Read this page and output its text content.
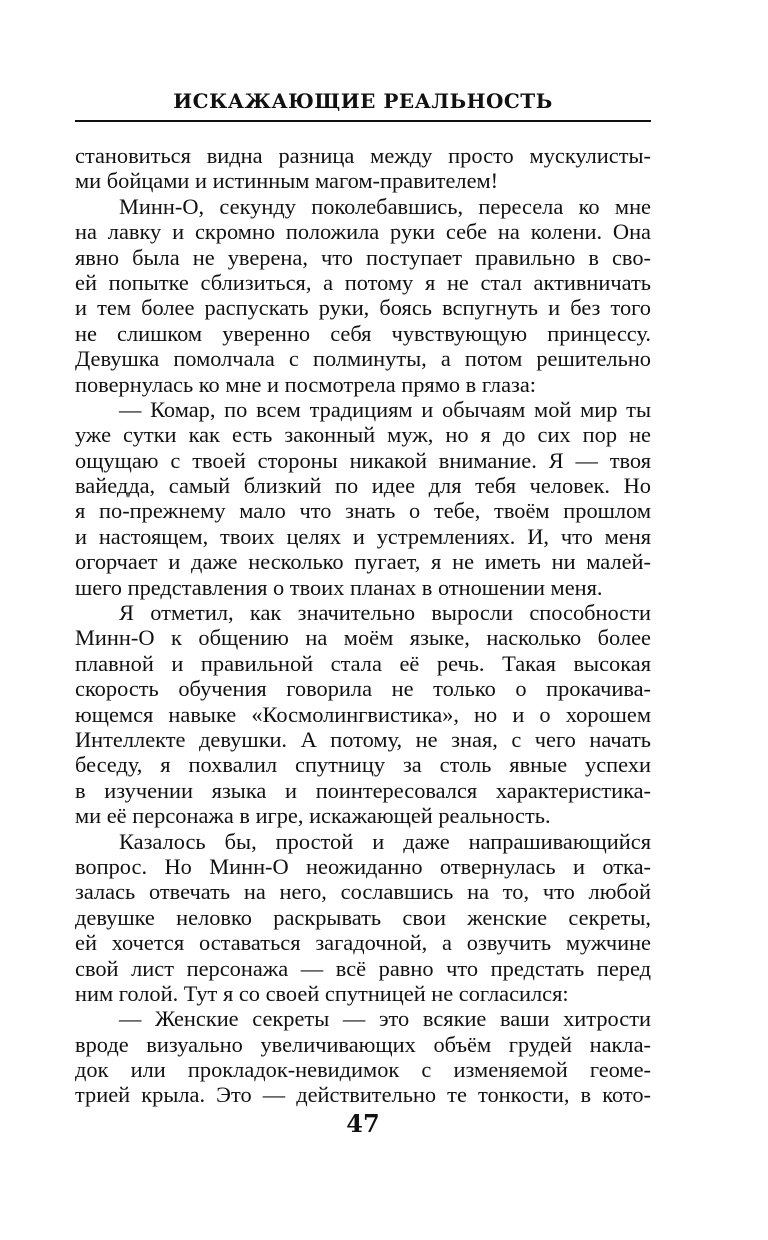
ИСКАЖАЮЩИЕ РЕАЛЬНОСТЬ

становиться видна разница между просто мускулисты-
ми бойцами и истинным магом-правителем!

Минн-О, секунду поколебавшись, пересела ко мне
на лавку и скромно положила руки себе на колени. Она
явно была не уверена, что поступает правильно в сво-
ей попытке сблизиться, а потому я не стал активничать
и тем более распускать руки, боясь вспугнуть и без того
не слишком уверенно себя чувствующую принцессу.
Девушка помолчала с полминуты, а потом решительно
повернулась ко мне и посмотрела прямо в глаза:

— Комар, по всем традициям и обычаям мой мир ты
уже сутки как есть законный муж, но я до сих пор не
ощущаю с твоей стороны никакой внимание. Я — твоя
вайедда, самый близкий по идее для тебя человек. Но
я по-прежнему мало что знать о тебе, твоём прошлом
и настоящем, твоих целях и устремлениях. И, что меня
огорчает и даже несколько пугает, я не иметь ни малей-
шего представления о твоих планах в отношении меня.

Я отметил, как значительно выросли способности
Минн-О к общению на моём языке, насколько более
плавной и правильной стала её речь. Такая высокая
скорость обучения говорила не только о прокачива-
ющемся навыке «Космолингвистика», но и о хорошем
Интеллекте девушки. А потому, не зная, с чего начать
беседу, я похвалил спутницу за столь явные успехи
в изучении языка и поинтересовался характеристика-
ми её персонажа в игре, искажающей реальность.

Казалось бы, простой и даже напрашивающийся
вопрос. Но Минн-О неожиданно отвернулась и отка-
залась отвечать на него, сославшись на то, что любой
девушке неловко раскрывать свои женские секреты,
ей хочется оставаться загадочной, а озвучить мужчине
свой лист персонажа — всё равно что предстать перед
ним голой. Тут я со своей спутницей не согласился:

— Женские секреты — это всякие ваши хитрости
вроде визуально увеличивающих объём грудей наклa-
док или прокладок-невидимок с изменяемой геоме-
трией крыла. Это — действительно те тонкости, в кото-

47
